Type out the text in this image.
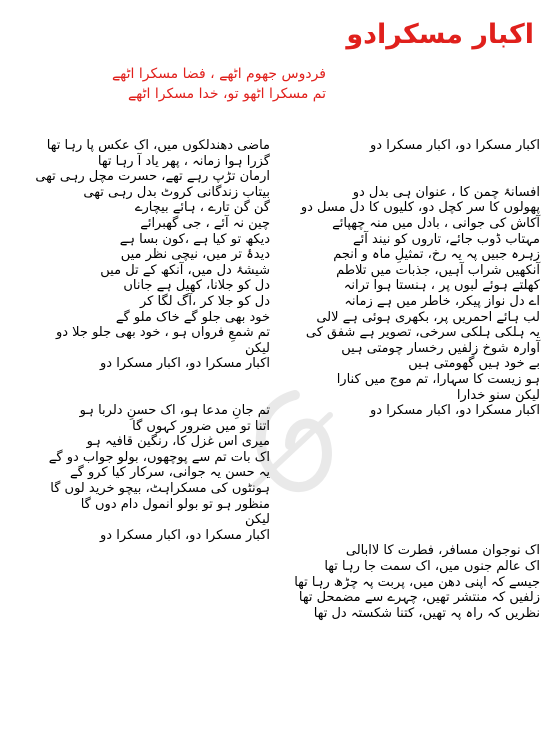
اکبار مسکرادو
فردوس جھوم اٹھے ، فضا مسکرا اٹھے
تم مسکرا اٹھو تو، خدا مسکرا اٹھے
ماضی دھندلکوں میں، اک عکس پا رہا تھا
گزرا ہوا زمانہ ، پھر یاد آ رہا تھا
ارمان تڑپ رہے تھے، حسرت مچل رہی تھی
بیتاب زندگانی کروٹ بدل رہی تھی
گن گن تارے ، ہائے بیچارے
چین نہ آئے ، جی گھبرائے
دیکھ تو کیا ہے ،کون بسا ہے
دیدۂ تر میں، نیچی نظر میں
شیشۂ دل میں، آنکھ کے تل میں
دل کو جلانا، کھیل ہے جاناں
دل کو جلا کر ،آگ لگا کر
خود بھی جلو گے خاک ملو گے
تم شمعِ فرواں ہو ، خود بھی جلو جلا دو
لیکن
اکبار مسکرا دو، اکبار مسکرا دو
تم جانِ مدعا ہو، اک حسنِ دلربا ہو
اتنا تو میں ضرور کہوں گا
میری اس غزل کا، رنگین قافیہ ہو
اک بات تم سے پوچھوں، بولو جواب دو گے
یہ حسن یہ جوانی، سرکار کیا کرو گے
ہونٹوں کی مسکراہٹ، بیچو خرید لوں گا
منظور ہو تو بولو انمول دام دوں گا
لیکن
اکبار مسکرا دو، اکبار مسکرا دو
اکبار مسکرا دو، اکبار مسکرا دو
افسانۂ چمن کا ، عنوان ہی بدل دو
پھولوں کا سر کچل دو، کلیوں کا دل مسل دو
آکاش کی جوانی ، بادل میں منہ چھپائے
مہتاب ڈوب جائے، تاروں کو نیند آئے
زہرہ جبیں پہ یہ رخ، تمثیلِ ماہ و انجم
آنکھیں شراب آہیں، جذبات میں تلاطم
کھلتے ہوئے لبوں پر ، ہنستا ہوا ترانہ
اے دل نواز پیکر، خاطر میں ہے زمانہ
لب ہائے احمریں پر، بکھری ہوئی ہے لالی
یہ ہلکی ہلکی سرخی، تصویر ہے شفق کی
آوارہ شوخ زلفیں رخسار چومتی ہیں
بے خود ہیں گھومتی ہیں
ہو زیست کا سہارا، تم موج میں کنارا
لیکن سنو خدارا
اکبار مسکرا دو، اکبار مسکرا دو
اک نوجوان مسافر، فطرت کا لاابالی
اک عالم جنوں میں، اک سمت جا رہا تھا
جیسے کہ اپنی دھن میں، پربت پہ چڑھ رہا تھا
زلفیں کہ منتشر تھیں، چہرے سے مضمحل تھا
نظریں کہ راہ پہ تھیں، کتنا شکستہ دل تھا
